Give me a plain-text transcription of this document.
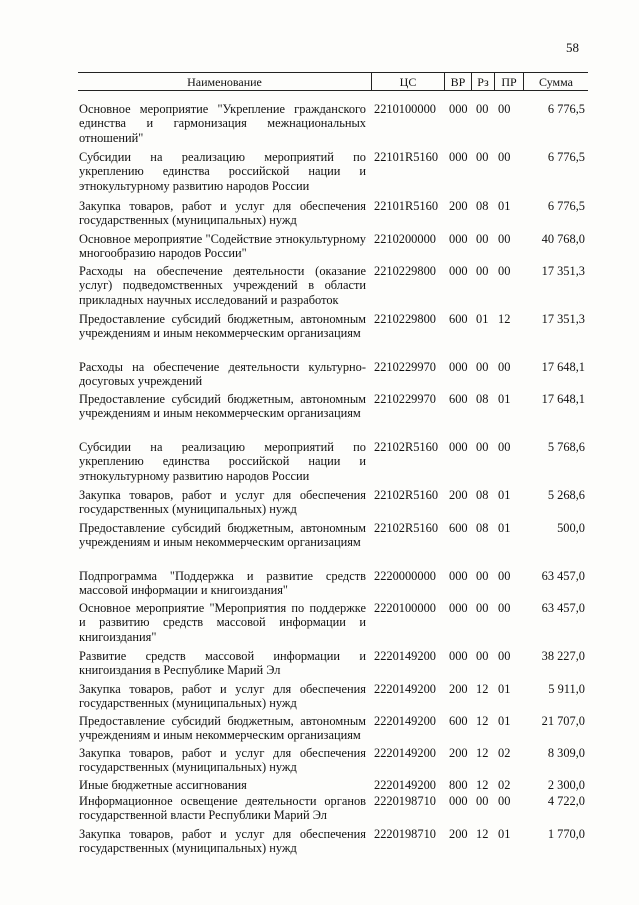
58
Наименование	ЦС	ВР Рз	ПР	Сумма
Основное мероприятие "Укрепление гражданского единства и гармонизация межнациональных отношений"
2210100000 000 00 00	6 776,5
Субсидии на реализацию мероприятий по укреплению единства российской нации и этнокультурному развитию народов России
22101R5160 000 00 00	6 776,5
Закупка товаров, работ и услуг для обеспечения государственных (муниципальных) нужд
22101R5160 200 08 01	6 776,5
Основное мероприятие "Содействие этнокультурному многообразию народов России"
2210200000 000 00 00	40 768,0
Расходы на обеспечение деятельности (оказание услуг) подведомственных учреждений в области прикладных научных исследований и разработок
2210229800 000 00 00	17 351,3
Предоставление субсидий бюджетным, автономным учреждениям и иным некоммерческим организациям
2210229800 600 01 12	17 351,3
Расходы на обеспечение деятельности культурно-досуговых учреждений
2210229970 000 00 00	17 648,1
Предоставление субсидий бюджетным, автономным учреждениям и иным некоммерческим организациям
2210229970 600 08 01	17 648,1
Субсидии на реализацию мероприятий по укреплению единства российской нации и этнокультурному развитию народов России
22102R5160 000 00 00	5 768,6
Закупка товаров, работ и услуг для обеспечения государственных (муниципальных) нужд
22102R5160 200 08 01	5 268,6
Предоставление субсидий бюджетным, автономным учреждениям и иным некоммерческим организациям
22102R5160 600 08 01	500,0
Подпрограмма "Поддержка и развитие средств массовой информации и книгоиздания"
2220000000 000 00 00	63 457,0
Основное мероприятие "Мероприятия по поддержке и развитию средств массовой информации и книгоиздания"
2220100000 000 00 00	63 457,0
Развитие средств массовой информации и книгоиздания в Республике Марий Эл
2220149200 000 00 00	38 227,0
Закупка товаров, работ и услуг для обеспечения государственных (муниципальных) нужд
2220149200 200 12 01	5 911,0
Предоставление субсидий бюджетным, автономным учреждениям и иным некоммерческим организациям
2220149200 600 12 01	21 707,0
Закупка товаров, работ и услуг для обеспечения государственных (муниципальных) нужд
2220149200 200 12 02	8 309,0
Иные бюджетные ассигнования	2220149200 800 12 02	2 300,0
Информационное освещение деятельности органов государственной власти Республики Марий Эл
2220198710 000 00 00	4 722,0
Закупка товаров, работ и услуг для обеспечения государственных (муниципальных) нужд
2220198710 200 12 01	1 770,0
